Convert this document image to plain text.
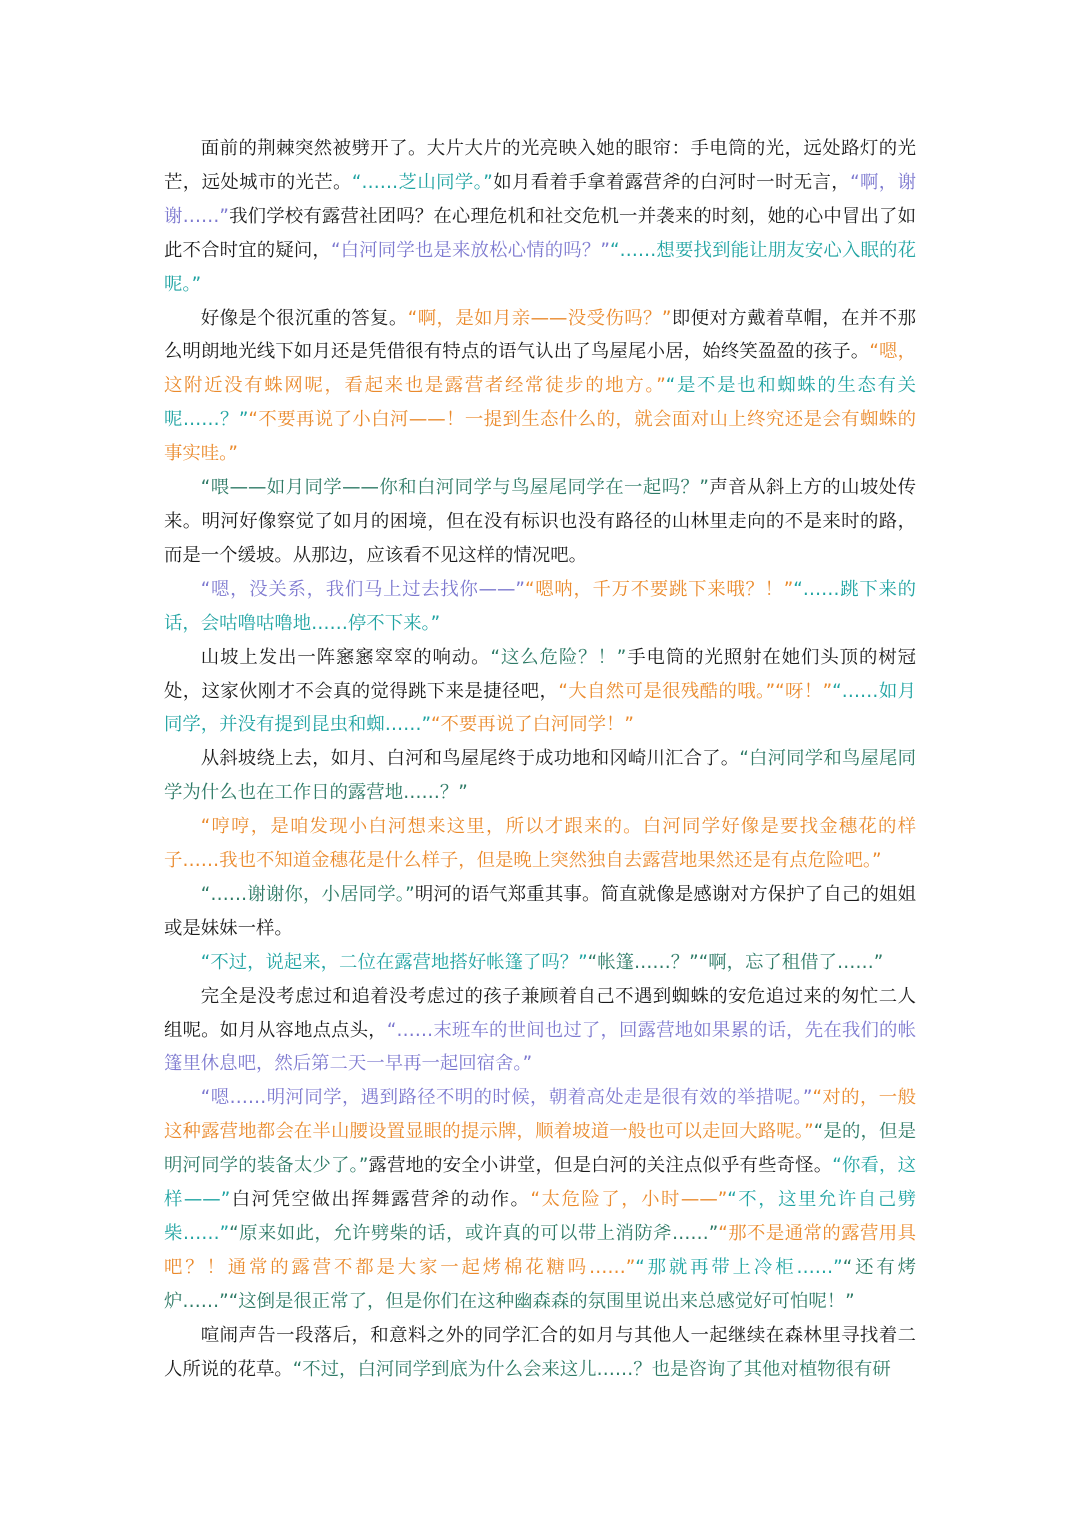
面前的荆棘突然被劈开了。大片大片的光亮映入她的眼帘：手电筒的光，远处路灯的光芒，远处城市的光芒。“……芝山同学。”如月看着手拿着露营斧的白河时一时无言，“啊，谢谢……”我们学校有露营社团吗？在心理危机和社交危机一并袭来的时刻，她的心中冒出了如此不合时宜的疑问，“白河同学也是来放松心情的吗？”“……想要找到能让朋友安心入眠的花呢。”

好像是个很沉重的答复。“啊，是如月亲——没受伤吗？”即便对方戴着草帽，在并不那么明朗地光线下如月还是凭借很有特点的语气认出了鸟屋尾小居，始终笑盈盈的孩子。“嗯，这附近没有蛛网呢，看起来也是露营者经常徒步的地方。”“是不是也和蜘蛛的生态有关呢……？”“不要再说了小白河——！一提到生态什么的，就会面对山上终究还是会有蜘蛛的事实哇。”

“喂——如月同学——你和白河同学与鸟屋尾同学在一起吗？”声音从斜上方的山坡处传来。明河好像察觉了如月的困境，但在没有标识也没有路径的山林里走向的不是来时的路，而是一个缓坡。从那边，应该看不见这样的情况吧。

“嗯，没关系，我们马上过去找你——”“嗯呐，千万不要跳下来哦？！”“……跳下来的话，会咕噜咕噜地……停不下来。”

山坡上发出一阵窸窸窣窣的响动。“这么危险？！”手电筒的光照射在她们头顶的树冠处，这家伙刚才不会真的觉得跳下来是捷径吧，“大自然可是很残酷的哦。”“呀！”“……如月同学，并没有提到昆虫和蜘……”“不要再说了白河同学！”

从斜坡绕上去，如月、白河和鸟屋尾终于成功地和冈崎川汇合了。“白河同学和鸟屋尾同学为什么也在工作日的露营地……？”

“哼哼，是咱发现小白河想来这里，所以才跟来的。白河同学好像是要找金穗花的样子……我也不知道金穗花是什么样子，但是晚上突然独自去露营地果然还是有点危险吧。”

“……谢谢你，小居同学。”明河的语气郑重其事。简直就像是感谢对方保护了自己的姐姐或是妹妹一样。

“不过，说起来，二位在露营地搭好帐篷了吗？”“帐篷……？”“啊，忘了租借了……”

完全是没考虑过和追着没考虑过的孩子兼顾着自己不遇到蜘蛛的安危追过来的匆忙二人组呢。如月从容地点点头，“……末班车的世间也过了，回露营地如果累的话，先在我们的帐篷里休息吧，然后第二天一早再一起回宿舍。”

“嗯……明河同学，遇到路径不明的时候，朝着高处走是很有效的举措呢。”“对的，一般这种露营地都会在半山腰设置显眼的提示牌，顺着坡道一般也可以走回大路呢。”“是的，但是明河同学的装备太少了。”露营地的安全小讲堂，但是白河的关注点似乎有些奇怪。“你看，这样——”白河凭空做出挥舞露营斧的动作。“太危险了，小时——”“不，这里允许自己劈柴……”“原来如此，允许劈柴的话，或许真的可以带上消防斧……”“那不是通常的露营用具吧？！通常的露营不都是大家一起烤棉花糖吗……”“那就再带上冷柜……”“还有烤炉……”“这倒是很正常了，但是你们在这种幽森森的氛围里说出来总感觉好可怕呢！”

喧闹声告一段落后，和意料之外的同学汇合的如月与其他人一起继续在森林里寻找着二人所说的花草。“不过，白河同学到底为什么会来这儿……？也是咨询了其他对植物很有研
